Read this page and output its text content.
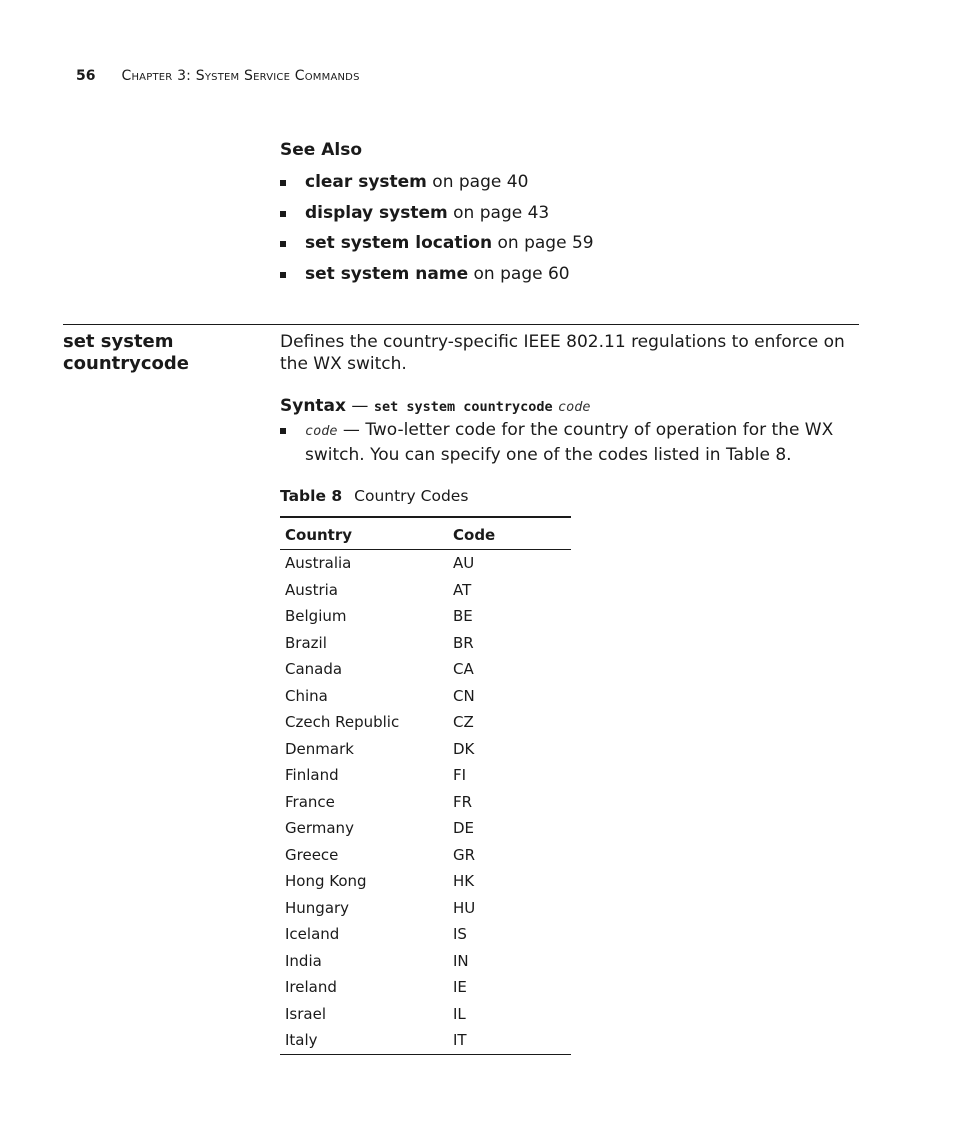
56 Chapter 3: System Service Commands
See Also
clear system on page 40
display system on page 43
set system location on page 59
set system name on page 60
set system
countrycode

Defines the country-specific IEEE 802.11 regulations to enforce on the WX switch.

Syntax — set system countrycode code

code — Two-letter code for the country of operation for the WX switch. You can specify one of the codes listed in Table 8.
Table 8 Country Codes
Country	Code
Australia	AU
Austria	AT
Belgium	BE
Brazil	BR
Canada	CA
China	CN
Czech Republic	CZ
Denmark	DK
Finland	FI
France	FR
Germany	DE
Greece	GR
Hong Kong	HK
Hungary	HU
Iceland	IS
India	IN
Ireland	IE
Israel	IL
Italy	IT
